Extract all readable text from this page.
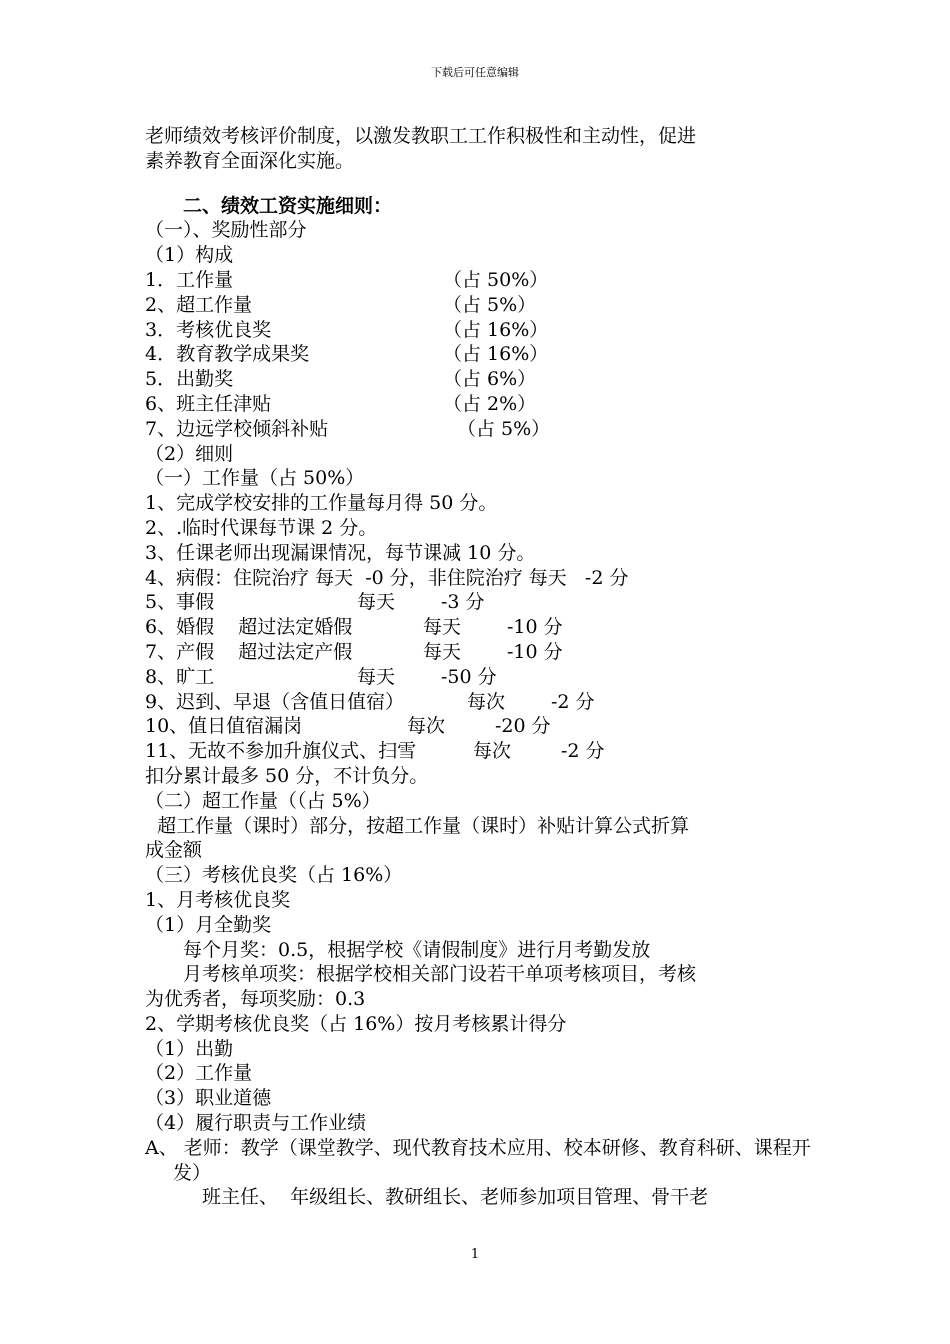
下载后可任意编辑
老师绩效考核评价制度，以激发教职工工作积极性和主动性，促进
素养教育全面深化实施。
　　二、绩效工资实施细则：
（一）、奖励性部分
（1）构成
1．工作量	（占 50%）
2、超工作量	（占 5%）
3．考核优良奖	（占 16%）
4．教育教学成果奖	（占 16%）
5．出勤奖	（占 6%）
6、班主任津贴	（占 2%）
7、边远学校倾斜补贴	（占 5%）
（2）细则
（一）工作量（占 50%）
1、完成学校安排的工作量每月得 50 分。
2、.临时代课每节课 2 分。
3、任课老师出现漏课情况，每节课减 10 分。
4、病假：住院治疗 每天  -0 分，非住院治疗 每天   -2 分
5、事假	每天 -3 分
6、婚假    超过法定婚假	每天 -10 分
7、产假    超过法定产假	每天 -10 分
8、旷工	每天 -50 分
9、迟到、早退（含值日值宿）	每次 -2 分
10、值日值宿漏岗	每次	-20 分
11、无故不参加升旗仪式、扫雪	每次	-2 分
扣分累计最多 50 分，不计负分。
（二）超工作量（（占 5%）
超工作量（课时）部分，按超工作量（课时）补贴计算公式折算
成金额
（三）考核优良奖（占 16%）
1、月考核优良奖
（1）月全勤奖
　　每个月奖：0.5，根据学校《请假制度》进行月考勤发放
　　月考核单项奖：根据学校相关部门设若干单项考核项目，考核
为优秀者，每项奖励：0.3
2、学期考核优良奖（占 16%）按月考核累计得分
（1）出勤
（2）工作量
（3）职业道德
（4）履行职责与工作业绩
A、 老师：教学（课堂教学、现代教育技术应用、校本研修、教育科研、课程开发）
　　　班主任、  年级组长、教研组长、老师参加项目管理、骨干老
1
